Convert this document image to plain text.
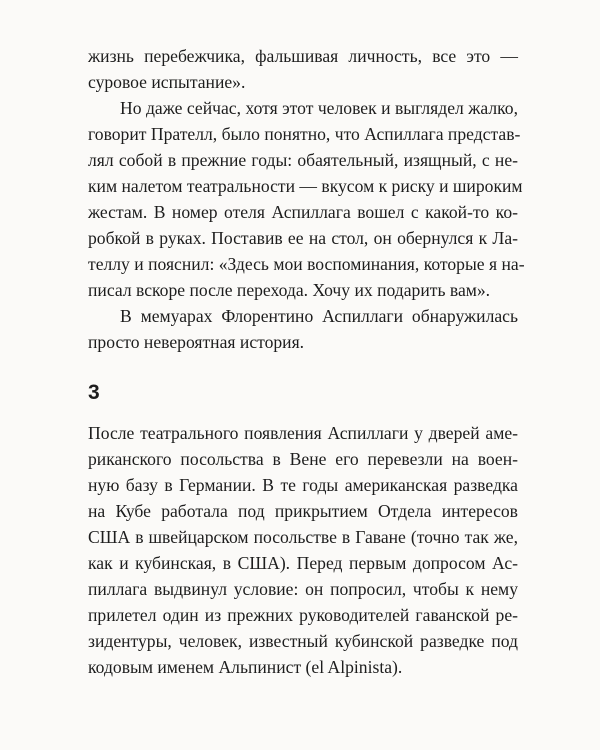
жизнь перебежчика, фальшивая личность, все это —
суровое испытание».
Но даже сейчас, хотя этот человек и выглядел жалко,
говорит Прателл, было понятно, что Аспиллага представ-
лял собой в прежние годы: обаятельный, изящный, с не-
ким налетом театральности — вкусом к риску и широким
жестам. В номер отеля Аспиллага вошел с какой-то ко-
робкой в руках. Поставив ее на стол, он обернулся к Ла-
теллу и пояснил: «Здесь мои воспоминания, которые я на-
писал вскоре после перехода. Хочу их подарить вам».
В мемуарах Флорентино Аспиллаги обнаружилась
просто невероятная история.
3
После театрального появления Аспиллаги у дверей аме-
риканского посольства в Вене его перевезли на воен-
ную базу в Германии. В те годы американская разведка
на Кубе работала под прикрытием Отдела интересов
США в швейцарском посольстве в Гаване (точно так же,
как и кубинская, в США). Перед первым допросом Ас-
пиллага выдвинул условие: он попросил, чтобы к нему
прилетел один из прежних руководителей гаванской ре-
зидентуры, человек, известный кубинской разведке под
кодовым именем Альпинист (el Alpinista).
